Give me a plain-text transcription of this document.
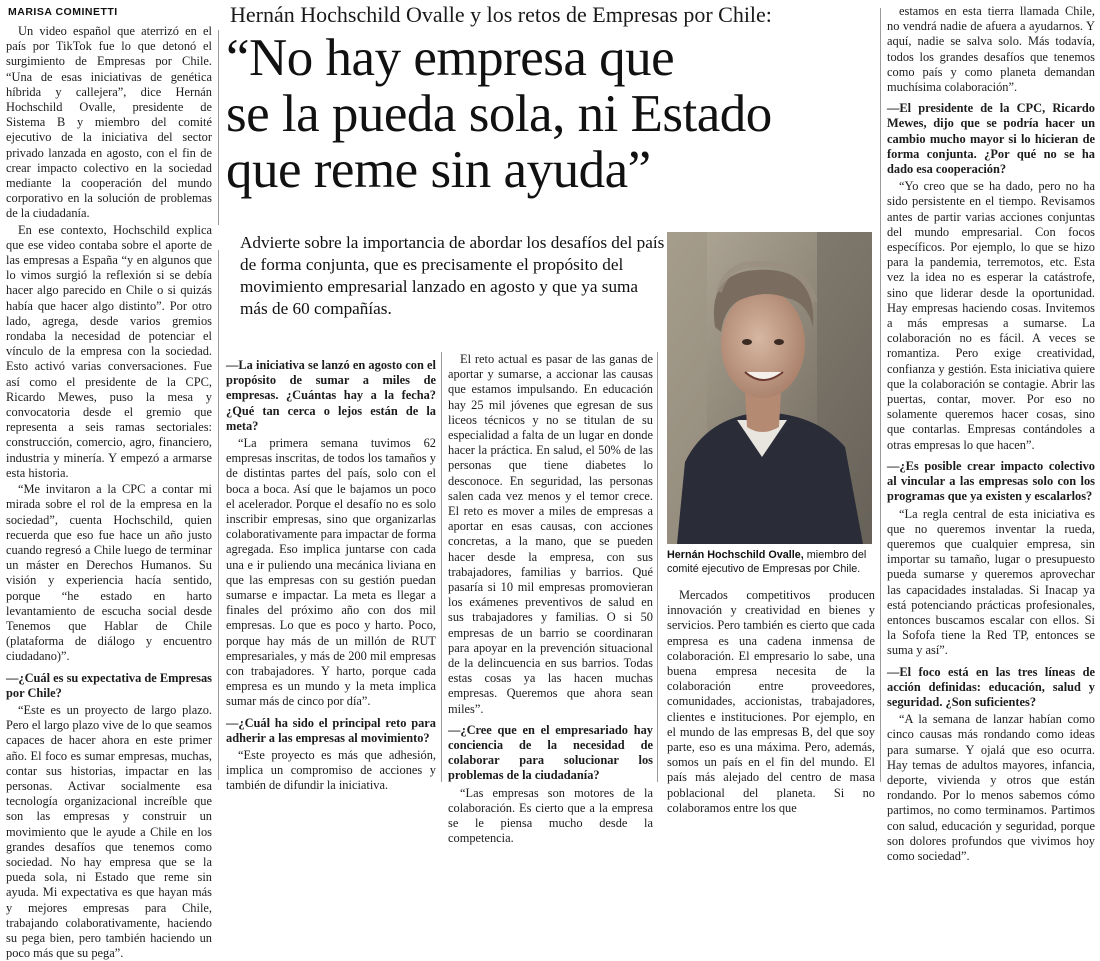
MARISA COMINETTI	Hernán Hochschild Ovalle y los retos de Empresas por Chile:
“No hay empresa que
se la pueda sola, ni Estado
que reme sin ayuda”
Advierte sobre la importancia de abordar los desafíos del país de forma conjunta, que es precisamente el propósito del movimiento empresarial lanzado en agosto y que ya suma más de 60 compañías.
Hernán Hochschild Ovalle, miembro del comité ejecutivo de Empresas por Chile.

Un video español que aterrizó en el país por TikTok fue lo que detonó el surgimiento de Empresas por Chile. “Una de esas iniciativas de genética híbrida y callejera”, dice Hernán Hochschild Ovalle, presidente de Sistema B y miembro del comité ejecutivo de la iniciativa del sector privado lanzada en agosto, con el fin de crear impacto colectivo en la sociedad mediante la cooperación del mundo corporativo en la solución de problemas de la ciudadanía.

En ese contexto, Hochschild explica que ese video contaba sobre el aporte de las empresas a España “y en algunos que lo vimos surgió la reflexión si se debía hacer algo parecido en Chile o si quizás había que hacer algo distinto”. Por otro lado, agrega, desde varios gremios rondaba la necesidad de potenciar el vínculo de la empresa con la sociedad. Esto activó varias conversaciones. Fue así como el presidente de la CPC, Ricardo Mewes, puso la mesa y convocatoria desde el gremio que representa a seis ramas sectoriales: construcción, comercio, agro, financiero, industria y minería. Y empezó a armarse esta historia.

“Me invitaron a la CPC a contar mi mirada sobre el rol de la empresa en la sociedad”, cuenta Hochschild, quien recuerda que eso fue hace un año justo cuando regresó a Chile luego de terminar un máster en Derechos Humanos. Su visión y experiencia hacía sentido, porque “he estado en harto levantamiento de escucha social desde Tenemos que Hablar de Chile (plataforma de diálogo y encuentro ciudadano)”.

—¿Cuál es su expectativa de Empresas por Chile?

“Este es un proyecto de largo plazo. Pero el largo plazo vive de lo que seamos capaces de hacer ahora en este primer año. El foco es sumar empresas, muchas, contar sus historias, impactar en las personas. Activar socialmente esa tecnología organizacional increíble que son las empresas y construir un movimiento que le ayude a Chile en los grandes desafíos que tenemos como sociedad. No hay empresa que se la pueda sola, ni Estado que reme sin ayuda. Mi expectativa es que hayan más y mejores empresas para Chile, trabajando colaborativamente, haciendo su pega bien, pero también haciendo un poco más que su pega”.

—La iniciativa se lanzó en agosto con el propósito de sumar a miles de empresas. ¿Cuántas hay a la fecha? ¿Qué tan cerca o lejos están de la meta?

“La primera semana tuvimos 62 empresas inscritas, de todos los tamaños y de distintas partes del país, solo con el boca a boca. Así que le bajamos un poco el acelerador. Porque el desafío no es solo inscribir empresas, sino que organizarlas colaborativamente para impactar de forma agregada. Eso implica juntarse con cada una e ir puliendo una mecánica liviana en que las empresas con su gestión puedan sumarse e impactar. La meta es llegar a finales del próximo año con dos mil empresas. Lo que es poco y harto. Poco, porque hay más de un millón de RUT empresariales, y más de 200 mil empresas con trabajadores. Y harto, porque cada empresa es un mundo y la meta implica sumar más de cinco por día”.

—¿Cuál ha sido el principal reto para adherir a las empresas al movimiento?

“Este proyecto es más que adhesión, implica un compromiso de acciones y también de difundir la iniciativa.

El reto actual es pasar de las ganas de aportar y sumarse, a accionar las causas que estamos impulsando. En educación hay 25 mil jóvenes que egresan de sus liceos técnicos y no se titulan de su especialidad a falta de un lugar en donde hacer la práctica. En salud, el 50% de las personas que tiene diabetes lo desconoce. En seguridad, las personas salen cada vez menos y el temor crece. El reto es mover a miles de empresas a aportar en esas causas, con acciones concretas, a la mano, que se pueden hacer desde la empresa, con sus trabajadores, familias y barrios. Qué pasaría si 10 mil empresas promovieran los exámenes preventivos de salud en sus trabajadores y familias. O si 50 empresas de un barrio se coordinaran para apoyar en la prevención situacional de la delincuencia en sus barrios. Todas estas cosas ya las hacen muchas empresas. Queremos que ahora sean miles”.

—¿Cree que en el empresariado hay conciencia de la necesidad de colaborar para solucionar los problemas de la ciudadanía?

“Las empresas son motores de la colaboración. Es cierto que a la empresa se le piensa mucho desde la competencia.

Mercados competitivos producen innovación y creatividad en bienes y servicios. Pero también es cierto que cada empresa es una cadena inmensa de colaboración. El empresario lo sabe, una buena empresa necesita de la colaboración entre proveedores, comunidades, accionistas, trabajadores, clientes e instituciones. Por ejemplo, en el mundo de las empresas B, del que soy parte, eso es una máxima. Pero, además, somos un país en el fin del mundo. El país más alejado del centro de masa poblacional del planeta. Si no colaboramos entre los que

estamos en esta tierra llamada Chile, no vendrá nadie de afuera a ayudarnos. Y aquí, nadie se salva solo. Más todavía, todos los grandes desafíos que tenemos como país y como planeta demandan muchísima colaboración”.

—El presidente de la CPC, Ricardo Mewes, dijo que se podría hacer un cambio mucho mayor si lo hicieran de forma conjunta. ¿Por qué no se ha dado esa cooperación?

“Yo creo que se ha dado, pero no ha sido persistente en el tiempo. Revisamos antes de partir varias acciones conjuntas del mundo empresarial. Con focos específicos. Por ejemplo, lo que se hizo para la pandemia, terremotos, etc. Esta vez la idea no es esperar la catástrofe, sino que liderar desde la oportunidad. Hay empresas haciendo cosas. Invitemos a más empresas a sumarse. La colaboración no es fácil. A veces se romantiza. Pero exige creatividad, confianza y gestión. Esta iniciativa quiere que la colaboración se contagie. Abrir las puertas, contar, mover. Por eso no solamente queremos hacer cosas, sino que contarlas. Empresas contándoles a otras empresas lo que hacen”.

—¿Es posible crear impacto colectivo al vincular a las empresas solo con los programas que ya existen y escalarlos?

“La regla central de esta iniciativa es que no queremos inventar la rueda, queremos que cualquier empresa, sin importar su tamaño, lugar o presupuesto pueda sumarse y queremos aprovechar las capacidades instaladas. Si Inacap ya está potenciando prácticas profesionales, entonces buscamos escalar con ellos. Si la Sofofa tiene la Red TP, entonces se suma y así”.

—El foco está en las tres líneas de acción definidas: educación, salud y seguridad. ¿Son suficientes?

“A la semana de lanzar habían como cinco causas más rondando como ideas para sumarse. Y ojalá que eso ocurra. Hay temas de adultos mayores, infancia, deporte, vivienda y otros que están rondando. Por lo menos sabemos cómo partimos, no como terminamos. Partimos con salud, educación y seguridad, porque son dolores profundos que vivimos hoy como sociedad”.
